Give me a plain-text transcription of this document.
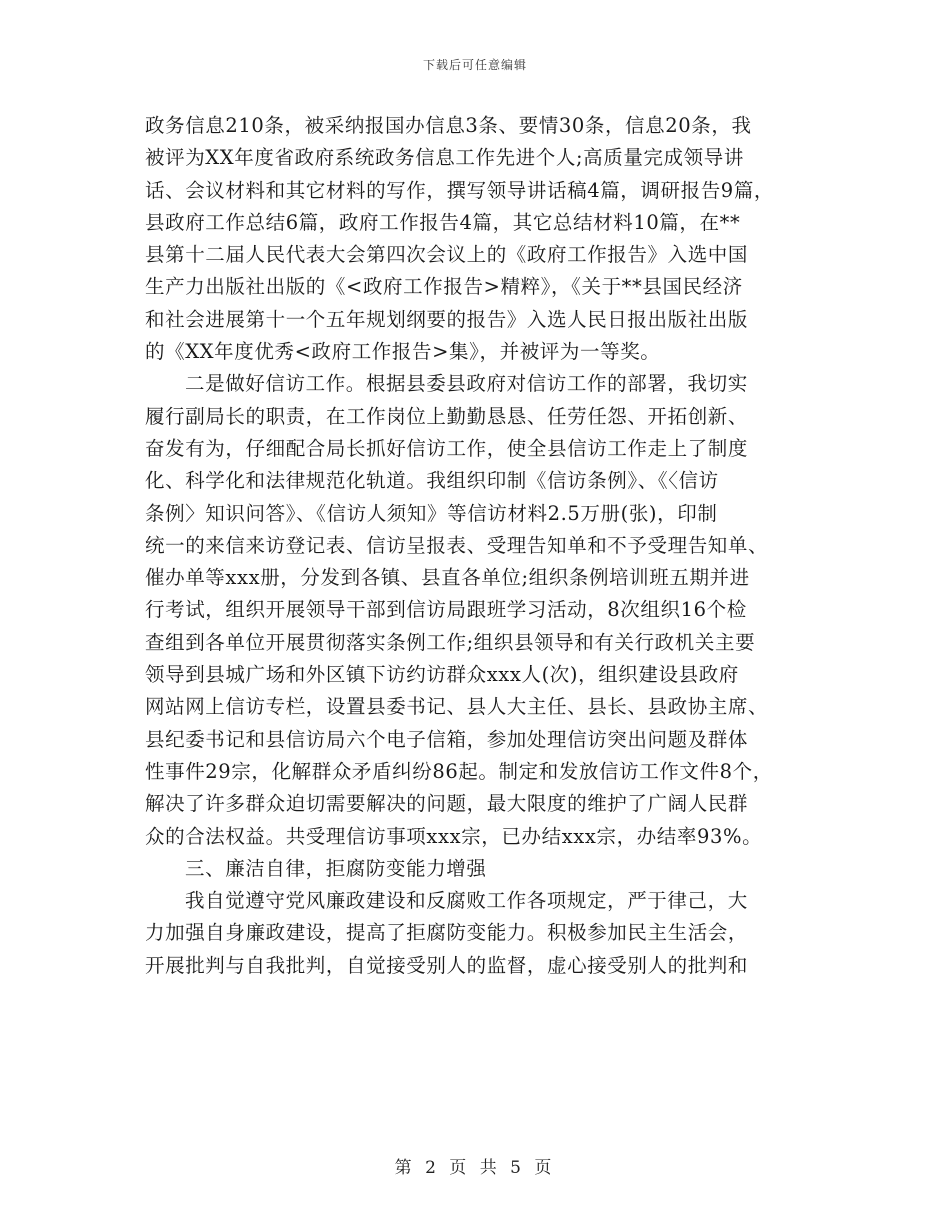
下载后可任意编辑
政务信息210条，被采纳报国办信息3条、要情30条，信息20条，我
被评为XX年度省政府系统政务信息工作先进个人;高质量完成领导讲
话、会议材料和其它材料的写作，撰写领导讲话稿4篇，调研报告9篇，
县政府工作总结6篇，政府工作报告4篇，其它总结材料10篇，在**
县第十二届人民代表大会第四次会议上的《政府工作报告》入选中国
生产力出版社出版的《<政府工作报告>精粹》，《关于**县国民经济
和社会进展第十一个五年规划纲要的报告》入选人民日报出版社出版
的《XX年度优秀<政府工作报告>集》，并被评为一等奖。
二是做好信访工作。根据县委县政府对信访工作的部署，我切实
履行副局长的职责，在工作岗位上勤勤恳恳、任劳任怨、开拓创新、
奋发有为，仔细配合局长抓好信访工作，使全县信访工作走上了制度
化、科学化和法律规范化轨道。我组织印制《信访条例》、《〈信访
条例〉知识问答》、《信访人须知》等信访材料2.5万册(张)，印制
统一的来信来访登记表、信访呈报表、受理告知单和不予受理告知单、
催办单等xxx册，分发到各镇、县直各单位;组织条例培训班五期并进
行考试，组织开展领导干部到信访局跟班学习活动，8次组织16个检
查组到各单位开展贯彻落实条例工作;组织县领导和有关行政机关主要
领导到县城广场和外区镇下访约访群众xxx人(次)，组织建设县政府
网站网上信访专栏，设置县委书记、县人大主任、县长、县政协主席、
县纪委书记和县信访局六个电子信箱，参加处理信访突出问题及群体
性事件29宗，化解群众矛盾纠纷86起。制定和发放信访工作文件8个，
解决了许多群众迫切需要解决的问题，最大限度的维护了广阔人民群
众的合法权益。共受理信访事项xxx宗，已办结xxx宗，办结率93%。
三、廉洁自律，拒腐防变能力增强
我自觉遵守党风廉政建设和反腐败工作各项规定，严于律己，大
力加强自身廉政建设，提高了拒腐防变能力。积极参加民主生活会，
开展批判与自我批判，自觉接受别人的监督，虚心接受别人的批判和
第 2 页 共 5 页
